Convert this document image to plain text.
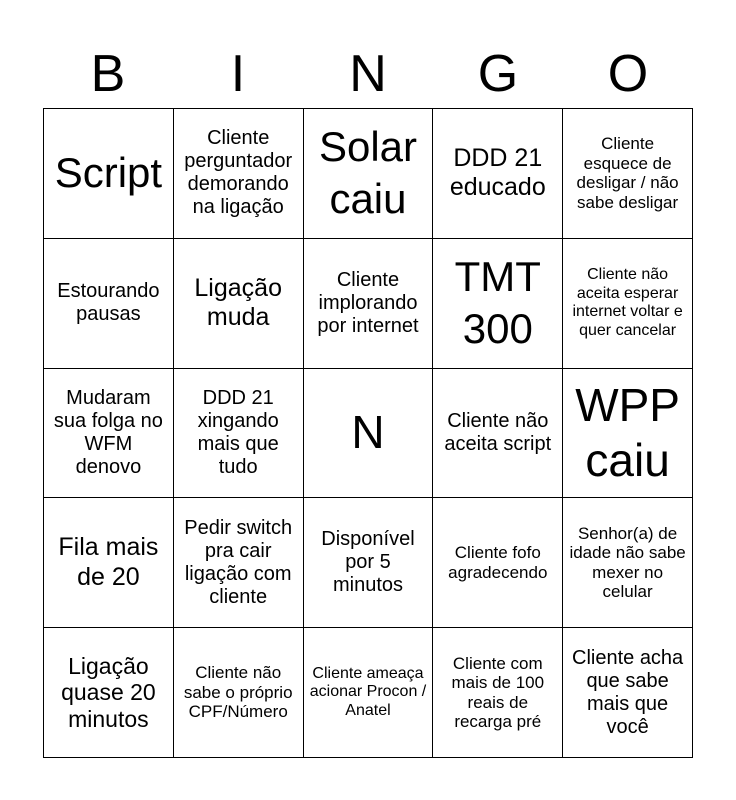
B	I	N	G	O
Script
Cliente perguntador demorando na ligação
Solar caiu
DDD 21 educado
Cliente esquece de desligar / não sabe desligar
Estourando pausas
Ligação muda
Cliente implorando por internet
TMT 300
Cliente não aceita esperar internet voltar e quer cancelar
Mudaram sua folga no WFM denovo
DDD 21 xingando mais que tudo
N	Cliente não aceita script
WPP caiu
Fila mais de 20
Pedir switch pra cair ligação com cliente
Disponível por 5 minutos
Cliente fofo agradecendo
Senhor(a) de idade não sabe mexer no celular
Ligação quase 20 minutos
Cliente não sabe o próprio CPF/Número
Cliente ameaça acionar Procon / Anatel
Cliente com mais de 100 reais de recarga pré
Cliente acha que sabe mais que você
